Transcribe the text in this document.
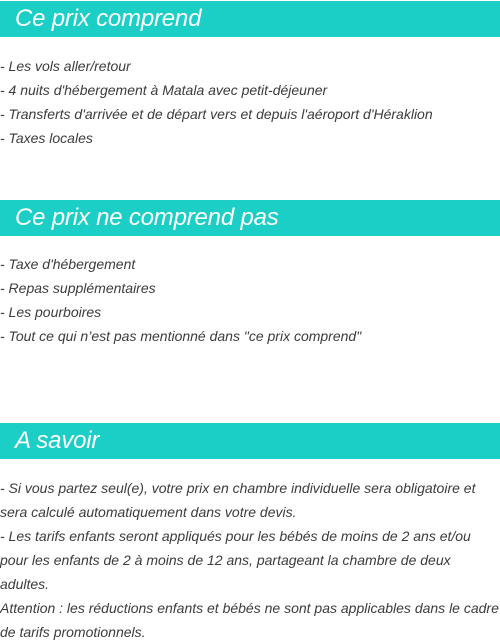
Ce prix comprend
- Les vols aller/retour
- 4 nuits d'hébergement à Matala avec petit-déjeuner
- Transferts d'arrivée et de départ vers et depuis l'aéroport d'Héraklion
- Taxes locales
Ce prix ne comprend pas
- Taxe d'hébergement
- Repas supplémentaires
- Les pourboires
- Tout ce qui n’est pas mentionné dans "ce prix comprend"
A savoir

- Si vous partez seul(e), votre prix en chambre individuelle sera obligatoire et sera calculé automatiquement dans votre devis.

- Les tarifs enfants seront appliqués pour les bébés de moins de 2 ans et/ou pour les enfants de 2 à moins de 12 ans, partageant la chambre de deux adultes.

Attention : les réductions enfants et bébés ne sont pas applicables dans le cadre de tarifs promotionnels.
